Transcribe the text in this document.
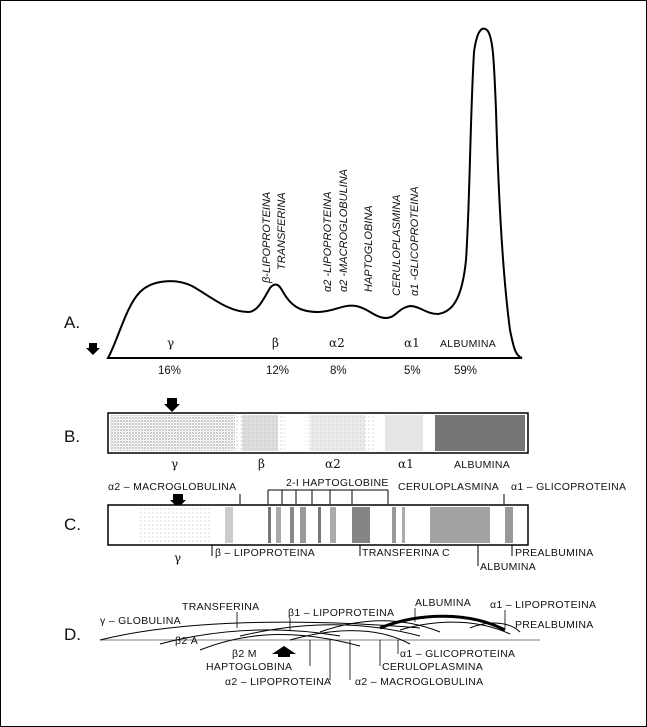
A.
γ	β	α2	α1 ALBUMINA
16%	12%	8%	5%	59%
β-LIPOPROTEINA TRANSFERINA	α2 -LIPOPROTEINA α2 -MACROGLOBULINA HAPTOGLOBINA CERULOPLASMINA α1 -GLICOPROTEINA
B.
γ	β	α2	α1	ALBUMINA
C.
α2 – MACROGLOBULINA	2-I HAPTOGLOBINE CERULOPLASMINA α1 – GLICOPROTEINA
γ	β – LIPOPROTEINA	TRANSFERINA C
ALBUMINA
PREALBUMINA
D.
γ – GLOBULINA
TRANSFERINA	β1 – LIPOPROTEINA
ALBUMINA α1 – LIPOPROTEINA
PREALBUMINA
β2 A
β2 M
HAPTOGLOBINA
α1 – GLICOPROTEINA
CERULOPLASMINA
α2 – LIPOPROTEINA α2 – MACROGLOBULINA
